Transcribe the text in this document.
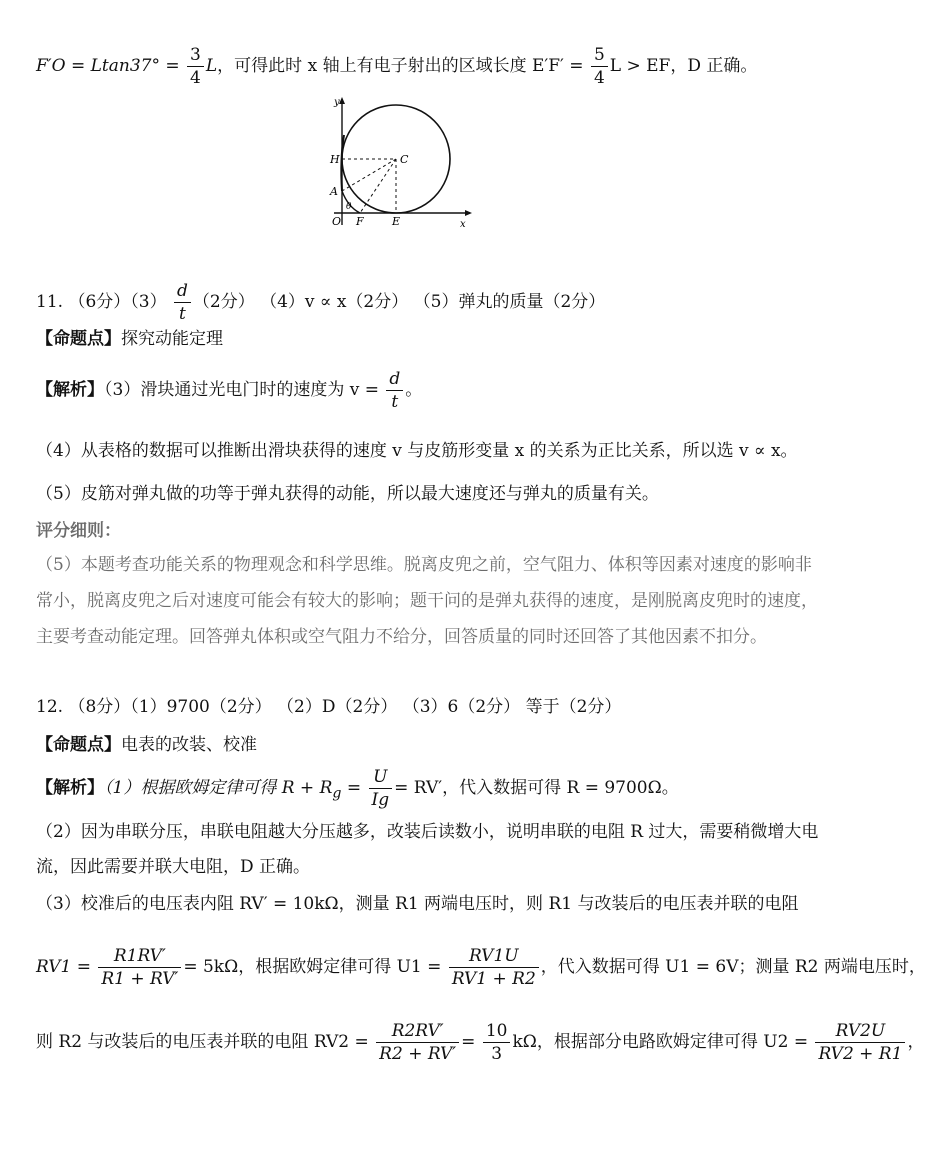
$F'O = Ltan37^\circ = \frac{3}{4}$ L，可得此时 x 轴上有电子射出的区域长度 $E'F' = \frac{5}{4}$ L > EF，D 正确。
y
x
H	C
A
θ
O F	E
11. （6分）$(3) \frac{d}{t} (2$分） （4）v ∝ x（2分） （5）弹丸的质量（2分）
【命题点】探究动能定理
【解析】（3）滑块通过光电门时的速度为 $v = \frac{d}{t}$ 。
（4）从表格的数据可以推断出滑块获得的速度 v 与皮筋形变量 x 的关系为正比关系，所以选 v ∝ x。
（5）皮筋对弹丸做的功等于弹丸获得的动能，所以最大速度还与弹丸的质量有关。
评分细则：
（5）本题考查功能关系的物理观念和科学思维。脱离皮兜之前，空气阻力、体积等因素对速度的影响非
常小，脱离皮兜之后对速度可能会有较大的影响；题干问的是弹丸获得的速度，是刚脱离皮兜时的速度，
主要考查动能定理。回答弹丸体积或空气阻力不给分，回答质量的同时还回答了其他因素不扣分。
12. （8分）（1）9700（2分） （2）D（2分） （3）6（2分） 等于（2分）
【命题点】电表的改装、校准
【解析】（1）根据欧姆定律可得 $R + R_g = \frac{U}{Ig} = RV'$，代入数据可得 R = 9700Ω。
（2）因为串联分压，串联电阻越大分压越多，改装后读数小，说明串联的电阻 R 过大，需要稍微增大电
流，因此需要并联大电阻，D 正确。
（3）校准后的电压表内阻 RV′ = 10kΩ，测量 R1 两端电压时，则 R1 与改装后的电压表并联的电阻
$RV1 = \frac{R1RV'}{R1 + RV'} = 5k\Omega$，根据欧姆定律可得 $U1 = \frac{RV1U}{RV1 + R2}$ ，代入数据可得 U1 = 6V；测量 R2 两端电压时，
则 R2 与改装后的电压表并联的电阻 $RV2 = \frac{R2RV'}{R2 + RV'} = \frac{10}{3}$ kΩ，根据部分电路欧姆定律可得 $U2 = \frac{RV2U}{RV2 + R1}$ ，
